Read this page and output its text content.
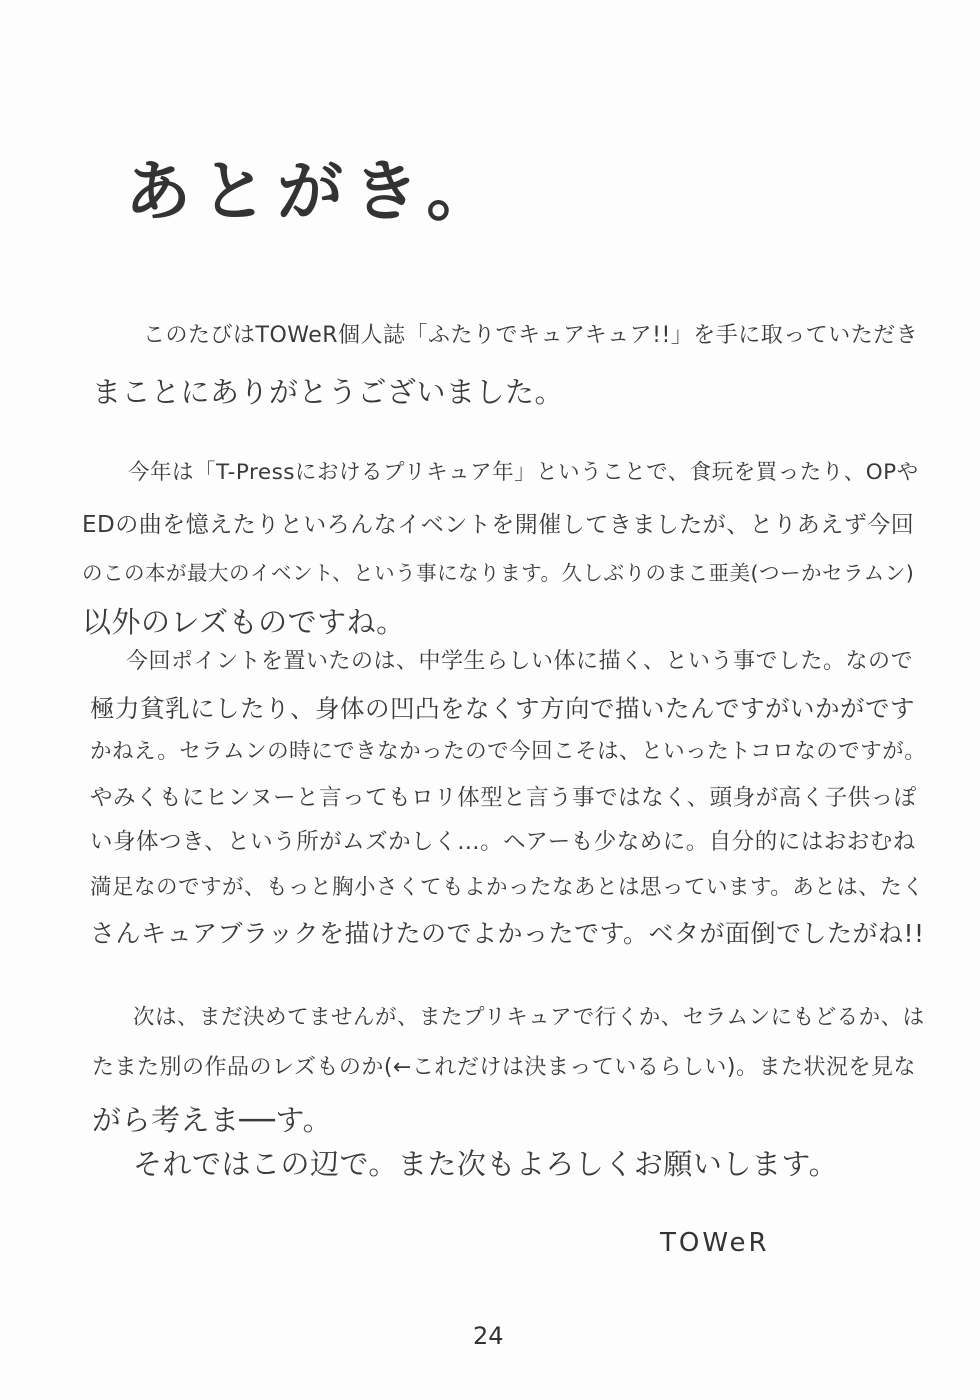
あとがき。
このたびはTOWeR個人誌「ふたりでキュアキュア!!」を手に取っていただき
まことにありがとうございました。
今年は「T-Pressにおけるプリキュア年」ということで、食玩を買ったり、OPや
EDの曲を憶えたりといろんなイベントを開催してきましたが、とりあえず今回
のこの本が最大のイベント、という事になります。久しぶりのまこ亜美(つーかセラムン)
以外のレズものですね。
今回ポイントを置いたのは、中学生らしい体に描く、という事でした。なので
極力貧乳にしたり、身体の凹凸をなくす方向で描いたんですがいかがです
かねえ。セラムンの時にできなかったので今回こそは、といったトコロなのですが。
やみくもにヒンヌーと言ってもロリ体型と言う事ではなく、頭身が高く子供っぽ
い身体つき、という所がムズかしく…。ヘアーも少なめに。自分的にはおおむね
満足なのですが、もっと胸小さくてもよかったなあとは思っています。あとは、たく
さんキュアブラックを描けたのでよかったです。ベタが面倒でしたがね!!
次は、まだ決めてませんが、またプリキュアで行くか、セラムンにもどるか、は
たまた別の作品のレズものか(←これだけは決まっているらしい)。また状況を見な
がら考えま──す。
それではこの辺で。また次もよろしくお願いします。
TOWeR
24
